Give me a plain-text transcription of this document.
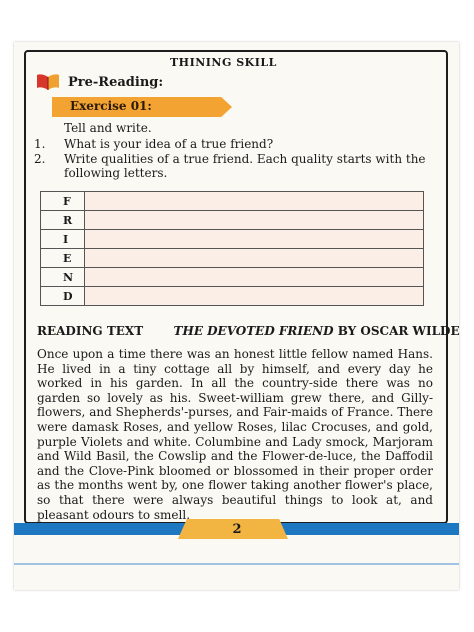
THINING SKILL
Pre-Reading:
Exercise 01:
Tell and write.
1. What is your idea of a true friend?
2. Write qualities of a true friend. Each quality starts with the following letters.
F	
R	
I	
E	
N	
D	
READING TEXT	THE DEVOTED FRIEND BY OSCAR WILDE

Once upon a time there was an honest little fellow named Hans. He lived in a tiny cottage all by himself, and every day he worked in his garden. In all the country-side there was no garden so lovely as his. Sweet-william grew there, and Gilly-flowers, and Shepherds'-purses, and Fair-maids of France. There were damask Roses, and yellow Roses, lilac Crocuses, and gold, purple Violets and white. Columbine and Lady smock, Marjoram and Wild Basil, the Cowslip and the Flower-de-luce, the Daffodil and the Clove-Pink bloomed or blossomed in their proper order as the months went by, one flower taking another flower's place, so that there were always beautiful things to look at, and pleasant odours to smell.

2
